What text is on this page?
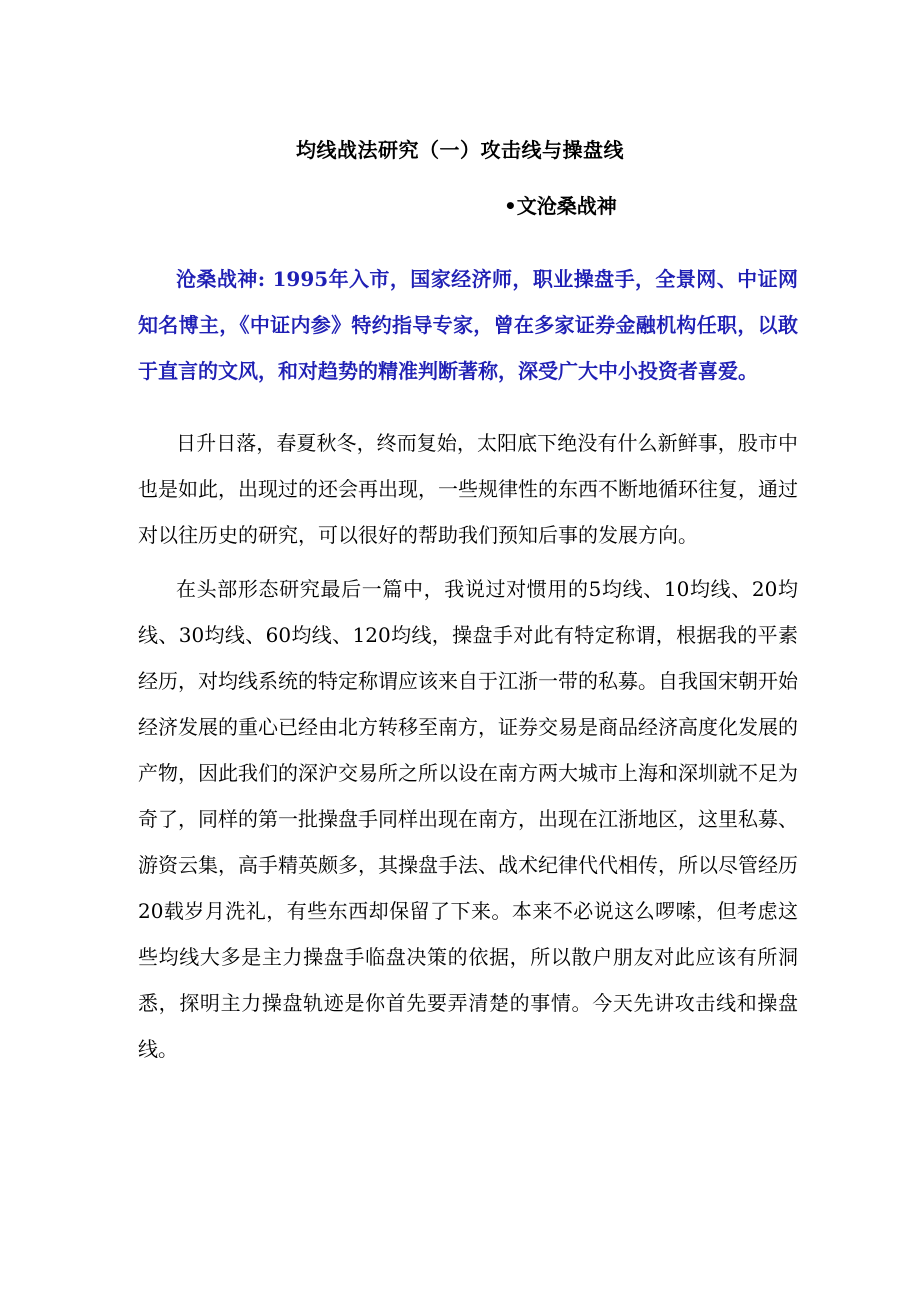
均线战法研究（一）攻击线与操盘线
•文沧桑战神

沧桑战神: 1995年入市，国家经济师，职业操盘手，全景网、中证网知名博主，《中证内参》特约指导专家，曾在多家证券金融机构任职，以敢于直言的文风，和对趋势的精准判断著称，深受广大中小投资者喜爱。

日升日落，春夏秋冬，终而复始，太阳底下绝没有什么新鲜事，股市中也是如此，出现过的还会再出现，一些规律性的东西不断地循环往复，通过对以往历史的研究，可以很好的帮助我们预知后事的发展方向。

在头部形态研究最后一篇中，我说过对惯用的5均线、10均线、20均线、30均线、60均线、120均线，操盘手对此有特定称谓，根据我的平素经历，对均线系统的特定称谓应该来自于江浙一带的私募。自我国宋朝开始经济发展的重心已经由北方转移至南方，证券交易是商品经济高度化发展的产物，因此我们的深沪交易所之所以设在南方两大城市上海和深圳就不足为奇了，同样的第一批操盘手同样出现在南方，出现在江浙地区，这里私募、游资云集，高手精英颇多，其操盘手法、战术纪律代代相传，所以尽管经历20载岁月洗礼，有些东西却保留了下来。本来不必说这么啰嗦，但考虑这些均线大多是主力操盘手临盘决策的依据，所以散户朋友对此应该有所洞悉，探明主力操盘轨迹是你首先要弄清楚的事情。今天先讲攻击线和操盘线。
